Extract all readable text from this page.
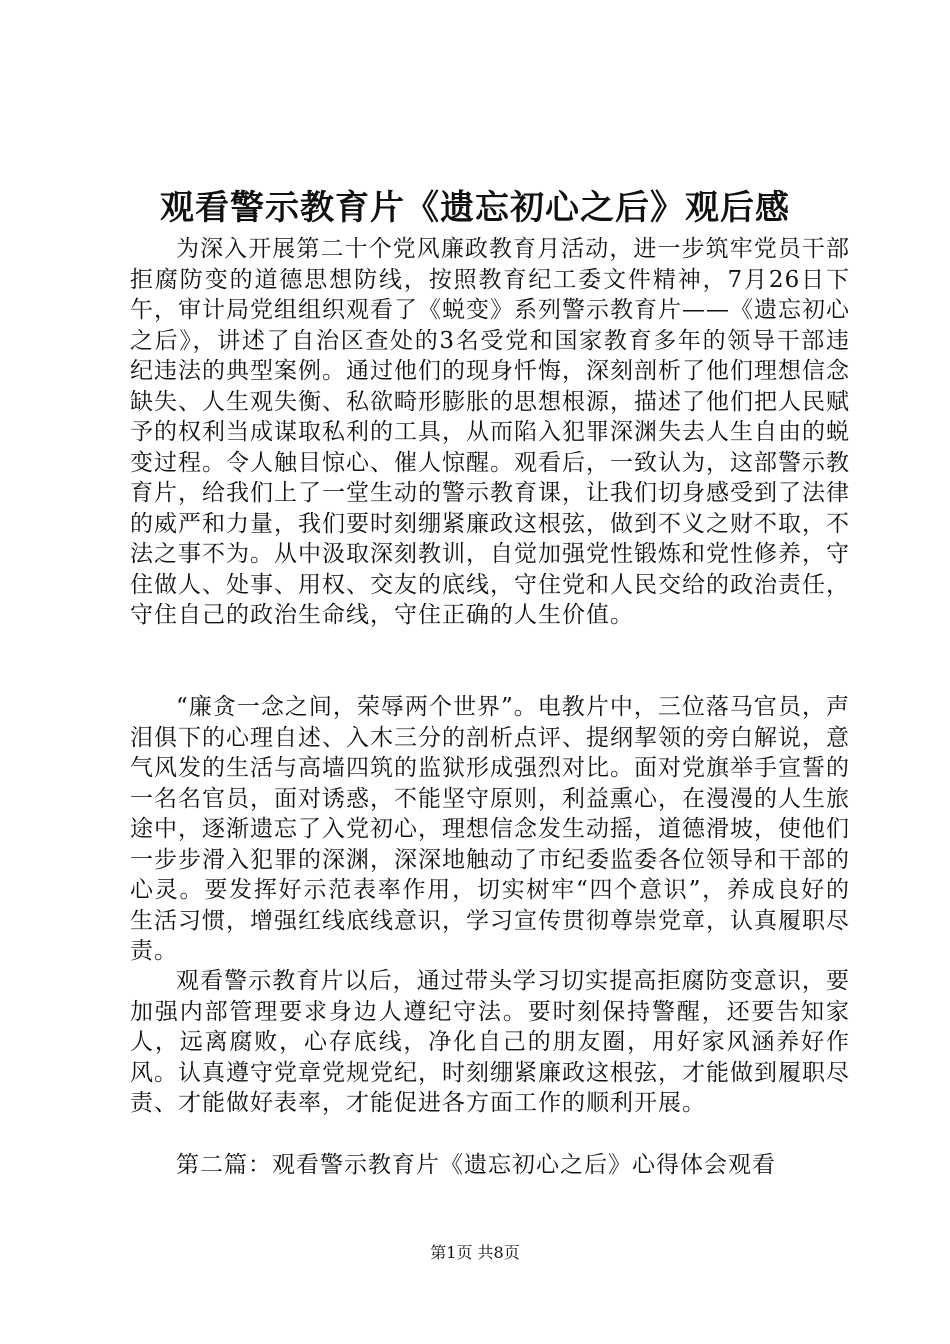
观看警示教育片《遗忘初心之后》观后感

为深入开展第二十个党风廉政教育月活动，进一步筑牢党员干部拒腐防变的道德思想防线，按照教育纪工委文件精神，7月26日下午，审计局党组组织观看了《蜕变》系列警示教育片——《遗忘初心之后》，讲述了自治区查处的3名受党和国家教育多年的领导干部违纪违法的典型案例。通过他们的现身忏悔，深刻剖析了他们理想信念缺失、人生观失衡、私欲畸形膨胀的思想根源，描述了他们把人民赋予的权利当成谋取私利的工具，从而陷入犯罪深渊失去人生自由的蜕变过程。令人触目惊心、催人惊醒。观看后，一致认为，这部警示教育片，给我们上了一堂生动的警示教育课，让我们切身感受到了法律的威严和力量，我们要时刻绷紧廉政这根弦，做到不义之财不取，不法之事不为。从中汲取深刻教训，自觉加强党性锻炼和党性修养，守住做人、处事、用权、交友的底线，守住党和人民交给的政治责任，守住自己的政治生命线，守住正确的人生价值。

“廉贪一念之间，荣辱两个世界”。电教片中，三位落马官员，声泪俱下的心理自述、入木三分的剖析点评、提纲挈领的旁白解说，意气风发的生活与高墙四筑的监狱形成强烈对比。面对党旗举手宣誓的一名名官员，面对诱惑，不能坚守原则，利益熏心，在漫漫的人生旅途中，逐渐遗忘了入党初心，理想信念发生动摇，道德滑坡，使他们一步步滑入犯罪的深渊，深深地触动了市纪委监委各位领导和干部的心灵。要发挥好示范表率作用，切实树牢“四个意识”，养成良好的生活习惯，增强红线底线意识，学习宣传贯彻尊崇党章，认真履职尽责。

观看警示教育片以后，通过带头学习切实提高拒腐防变意识，要加强内部管理要求身边人遵纪守法。要时刻保持警醒，还要告知家人，远离腐败，心存底线，净化自己的朋友圈，用好家风涵养好作风。认真遵守党章党规党纪，时刻绷紧廉政这根弦，才能做到履职尽责、才能做好表率，才能促进各方面工作的顺利开展。

第二篇：观看警示教育片《遗忘初心之后》心得体会观看

第1页 共8页
